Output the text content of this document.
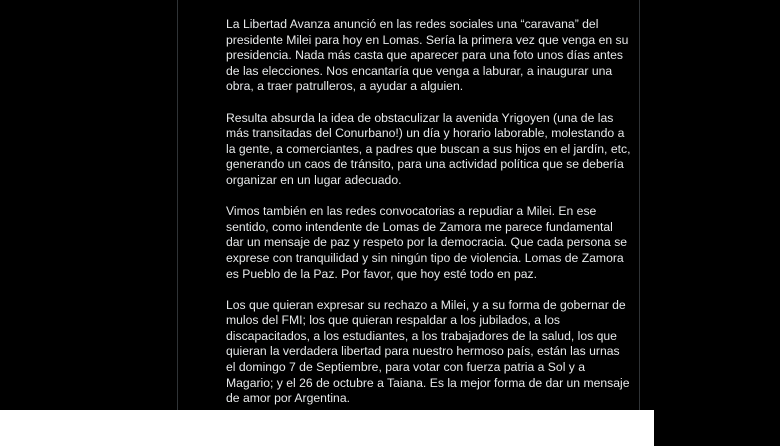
La Libertad Avanza anunció en las redes sociales una “caravana” del presidente Milei para hoy en Lomas. Sería la primera vez que venga en su presidencia. Nada más casta que aparecer para una foto unos días antes de las elecciones. Nos encantaría que venga a laburar, a inaugurar una obra, a traer patrulleros, a ayudar a alguien.

Resulta absurda la idea de obstaculizar la avenida Yrigoyen (una de las más transitadas del Conurbano!) un día y horario laborable, molestando a la gente, a comerciantes, a padres que buscan a sus hijos en el jardín, etc, generando un caos de tránsito, para una actividad política que se debería organizar en un lugar adecuado.

Vimos también en las redes convocatorias a repudiar a Milei. En ese sentido, como intendente de Lomas de Zamora me parece fundamental dar un mensaje de paz y respeto por la democracia. Que cada persona se exprese con tranquilidad y sin ningún tipo de violencia. Lomas de Zamora es Pueblo de la Paz. Por favor, que hoy esté todo en paz.

Los que quieran expresar su rechazo a Milei, y a su forma de gobernar de mulos del FMI; los que quieran respaldar a los jubilados, a los discapacitados, a los estudiantes, a los trabajadores de la salud, los que quieran la verdadera libertad para nuestro hermoso país, están las urnas el domingo 7 de Septiembre, para votar con fuerza patria a Sol y a Magario; y el 26 de octubre a Taiana. Es la mejor forma de dar un mensaje de amor por Argentina.
